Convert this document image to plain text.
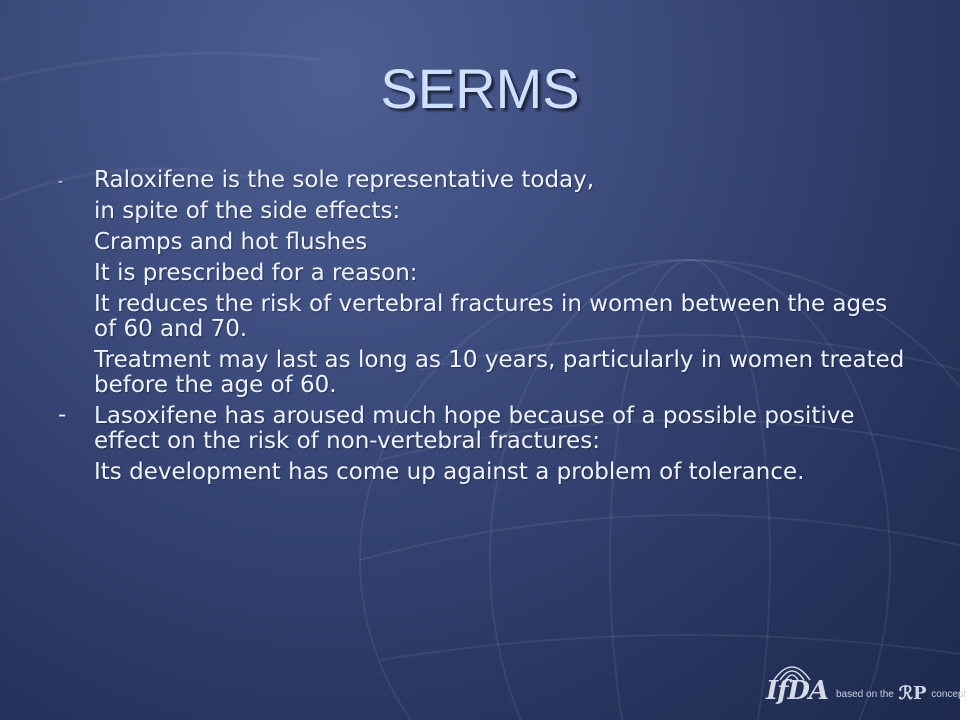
SERMS
-	Raloxifene is the sole representative today,
in spite of the side effects:
Cramps and hot flushes
It is prescribed for a reason:
It reduces the risk of vertebral fractures in women between the ages of 60 and 70.
Treatment may last as long as 10 years, particularly in women treated before the age of 60.
-	Lasoxifene has aroused much hope because of a possible positive effect on the risk of non-vertebral fractures:
Its development has come up against a problem of tolerance.
IfDA based on the ℛP concept
